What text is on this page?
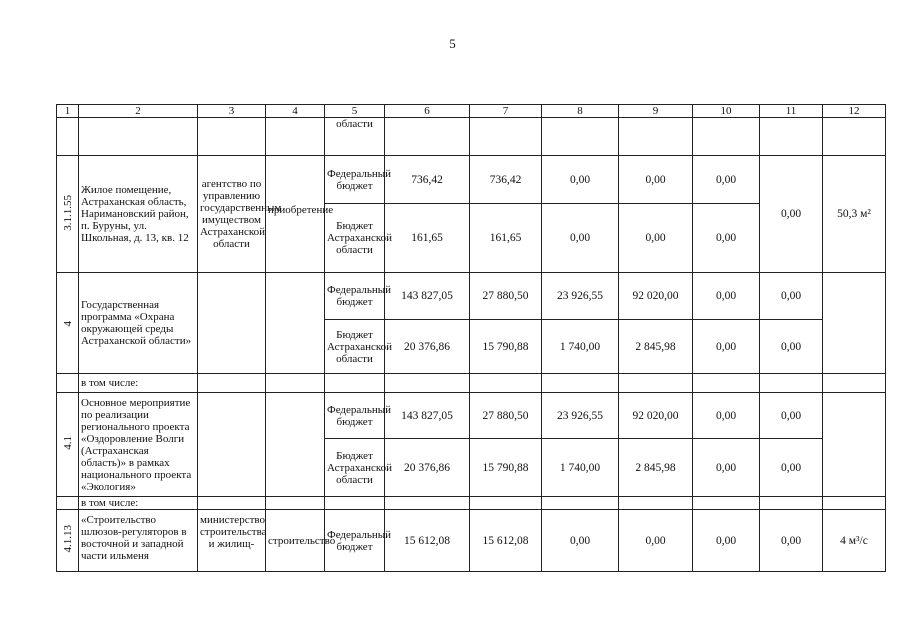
5
1	2	3	4	5	6	7	8	9	10	11	12
				области							
3.1.1.55	Жилое помещение, Астраханская область, Наримановский район, п. Буруны, ул. Школьная, д. 13, кв. 12	агентство по управлению государственным имуществом Астраханской области	приобретение	Федеральный бюджет	736,42	736,42	0,00	0,00	0,00	0,00	50,3 м²
				Бюджет Астраханской области	161,65	161,65	0,00	0,00	0,00		
4	Государственная программа «Охрана окружающей среды Астраханской области»			Федеральный бюджет	143 827,05	27 880,50	23 926,55	92 020,00	0,00	0,00	
				Бюджет Астраханской области	20 376,86	15 790,88	1 740,00	2 845,98	0,00	0,00	
	в том числе:										
4.1	Основное мероприятие по реализации регионального проекта «Оздоровление Волги (Астраханская область)» в рамках национального проекта «Экология»			Федеральный бюджет	143 827,05	27 880,50	23 926,55	92 020,00	0,00	0,00	
				Бюджет Астраханской области	20 376,86	15 790,88	1 740,00	2 845,98	0,00	0,00	
	в том числе:										
4.1.13	«Строительство шлюзов-регуляторов в восточной и западной части ильменя	министерство строительства и жилищ-	строительство	Федеральный бюджет	15 612,08	15 612,08	0,00	0,00	0,00	0,00	4 м³/с
